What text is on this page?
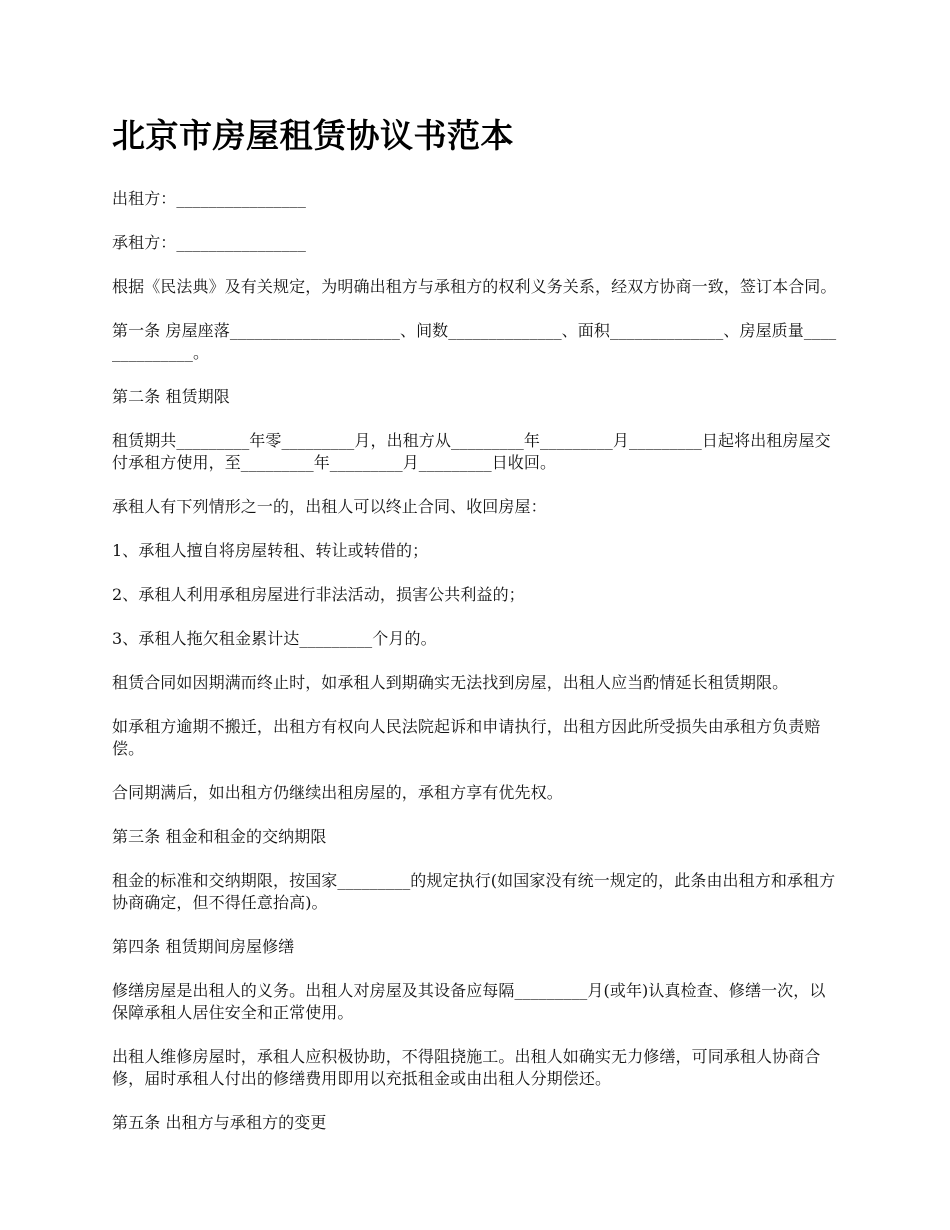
北京市房屋租赁协议书范本

出租方：________________

承租方：________________

根据《民法典》及有关规定，为明确出租方与承租方的权利义务关系，经双方协商一致，签订本合同。

第一条 房屋座落_____________________、间数______________、面积______________、房屋质量______________。

第二条 租赁期限

租赁期共_________年零_________月，出租方从_________年_________月_________日起将出租房屋交付承租方使用，至_________年_________月_________日收回。

承租人有下列情形之一的，出租人可以终止合同、收回房屋：

1、承租人擅自将房屋转租、转让或转借的；

2、承租人利用承租房屋进行非法活动，损害公共利益的；

3、承租人拖欠租金累计达_________个月的。

租赁合同如因期满而终止时，如承租人到期确实无法找到房屋，出租人应当酌情延长租赁期限。

如承租方逾期不搬迁，出租方有权向人民法院起诉和申请执行，出租方因此所受损失由承租方负责赔偿。

合同期满后，如出租方仍继续出租房屋的，承租方享有优先权。

第三条 租金和租金的交纳期限

租金的标准和交纳期限，按国家_________的规定执行(如国家没有统一规定的，此条由出租方和承租方协商确定，但不得任意抬高)。

第四条 租赁期间房屋修缮

修缮房屋是出租人的义务。出租人对房屋及其设备应每隔_________月(或年)认真检查、修缮一次，以保障承租人居住安全和正常使用。

出租人维修房屋时，承租人应积极协助，不得阻挠施工。出租人如确实无力修缮，可同承租人协商合修，届时承租人付出的修缮费用即用以充抵租金或由出租人分期偿还。

第五条 出租方与承租方的变更
